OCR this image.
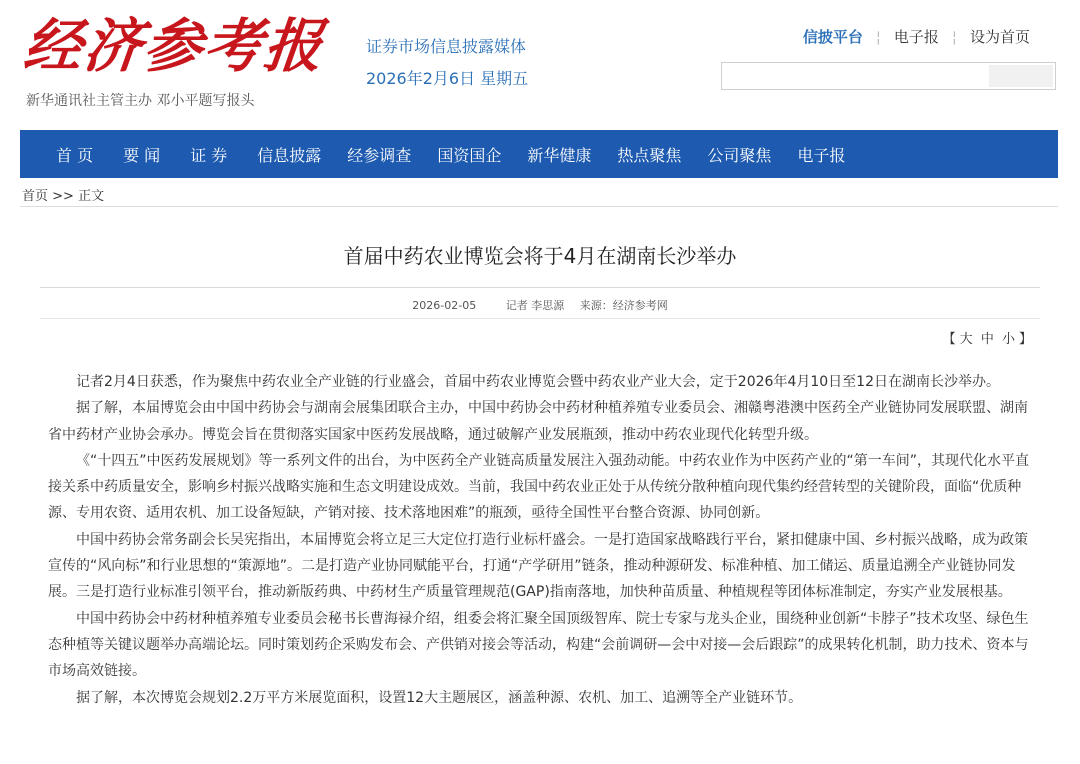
经济参考报
新华通讯社主管主办 邓小平题写报头
证券市场信息披露媒体
2026年2月6日 星期五
信披平台 ¦ 电子报 ¦ 设为首页
首 页 要 闻 证 券 信息披露 经参调查 国资国企 新华健康 热点聚焦 公司聚焦 电子报
首页 >> 正文
首届中药农业博览会将于4月在湖南长沙举办
2026-02-05	记者 李思源 来源：经济参考网
【 大 中 小 】

记者2月4日获悉，作为聚焦中药农业全产业链的行业盛会，首届中药农业博览会暨中药农业产业大会，定于2026年4月10日至12日在湖南长沙举办。

据了解，本届博览会由中国中药协会与湖南会展集团联合主办，中国中药协会中药材种植养殖专业委员会、湘赣粤港澳中医药全产业链协同发展联盟、湖南省中药材产业协会承办。博览会旨在贯彻落实国家中医药发展战略，通过破解产业发展瓶颈，推动中药农业现代化转型升级。

《“十四五”中医药发展规划》等一系列文件的出台，为中医药全产业链高质量发展注入强劲动能。中药农业作为中医药产业的“第一车间”，其现代化水平直接关系中药质量安全，影响乡村振兴战略实施和生态文明建设成效。当前，我国中药农业正处于从传统分散种植向现代集约经营转型的关键阶段，面临“优质种源、专用农资、适用农机、加工设备短缺，产销对接、技术落地困难”的瓶颈，亟待全国性平台整合资源、协同创新。

中国中药协会常务副会长吴宪指出，本届博览会将立足三大定位打造行业标杆盛会。一是打造国家战略践行平台，紧扣健康中国、乡村振兴战略，成为政策宣传的“风向标”和行业思想的“策源地”。二是打造产业协同赋能平台，打通“产学研用”链条，推动种源研发、标准种植、加工储运、质量追溯全产业链协同发展。三是打造行业标准引领平台，推动新版药典、中药材生产质量管理规范(GAP)指南落地，加快种苗质量、种植规程等团体标准制定，夯实产业发展根基。

中国中药协会中药材种植养殖专业委员会秘书长曹海禄介绍，组委会将汇聚全国顶级智库、院士专家与龙头企业，围绕种业创新“卡脖子”技术攻坚、绿色生态种植等关键议题举办高端论坛。同时策划药企采购发布会、产供销对接会等活动，构建“会前调研—会中对接—会后跟踪”的成果转化机制，助力技术、资本与市场高效链接。

据了解，本次博览会规划2.2万平方米展览面积，设置12大主题展区，涵盖种源、农机、加工、追溯等全产业链环节。
